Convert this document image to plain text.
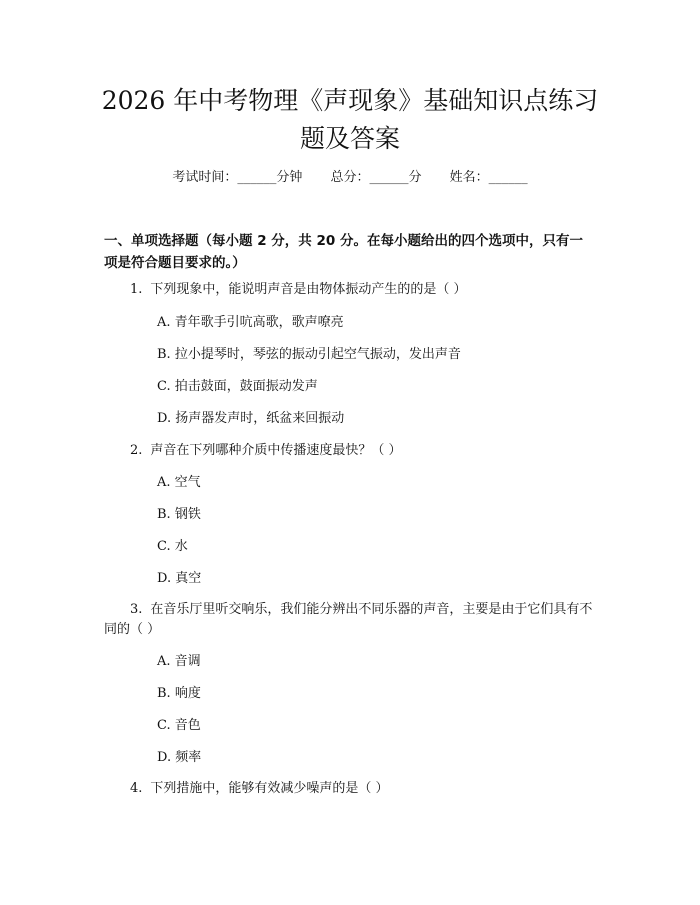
2026 年中考物理《声现象》基础知识点练习题及答案
考试时间：______分钟 总分：______分 姓名：______
一、单项选择题（每小题 2 分，共 20 分。在每小题给出的四个选项中，只有一项是符合题目要求的。）
1. 下列现象中，能说明声音是由物体振动产生的的是（ ）
A. 青年歌手引吭高歌，歌声嘹亮
B. 拉小提琴时，琴弦的振动引起空气振动，发出声音
C. 拍击鼓面，鼓面振动发声
D. 扬声器发声时，纸盆来回振动
2. 声音在下列哪种介质中传播速度最快？（ ）
A. 空气
B. 钢铁
C. 水
D. 真空
3. 在音乐厅里听交响乐，我们能分辨出不同乐器的声音，主要是由于它们具有不同的（ ）
A. 音调
B. 响度
C. 音色
D. 频率
4. 下列措施中，能够有效减少噪声的是（ ）
